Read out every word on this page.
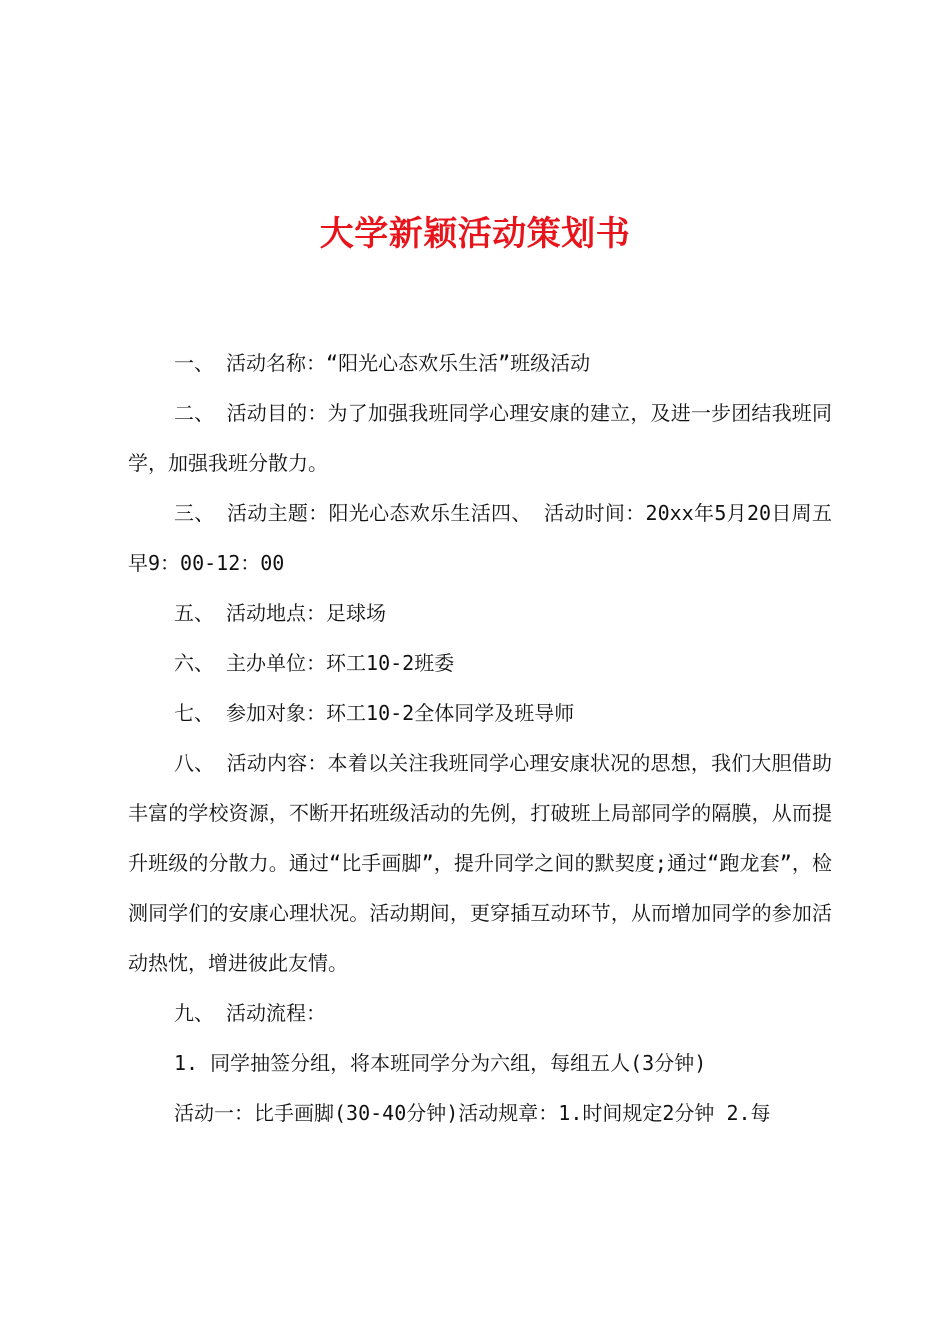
大学新颖活动策划书

一、 活动名称：“阳光心态欢乐生活”班级活动

二、 活动目的：为了加强我班同学心理安康的建立，及进一步团结我班同学，加强我班分散力。

三、 活动主题：阳光心态欢乐生活四、 活动时间：20xx年5月20日周五早9：00-12：00

五、 活动地点：足球场

六、 主办单位：环工10-2班委

七、 参加对象：环工10-2全体同学及班导师

八、 活动内容：本着以关注我班同学心理安康状况的思想，我们大胆借助丰富的学校资源，不断开拓班级活动的先例，打破班上局部同学的隔膜，从而提升班级的分散力。通过“比手画脚”，提升同学之间的默契度;通过“跑龙套”，检测同学们的安康心理状况。活动期间，更穿插互动环节，从而增加同学的参加活动热忱，增进彼此友情。

九、 活动流程：

1. 同学抽签分组，将本班同学分为六组，每组五人(3分钟)

活动一：比手画脚(30-40分钟)活动规章：1.时间规定2分钟 2.每
